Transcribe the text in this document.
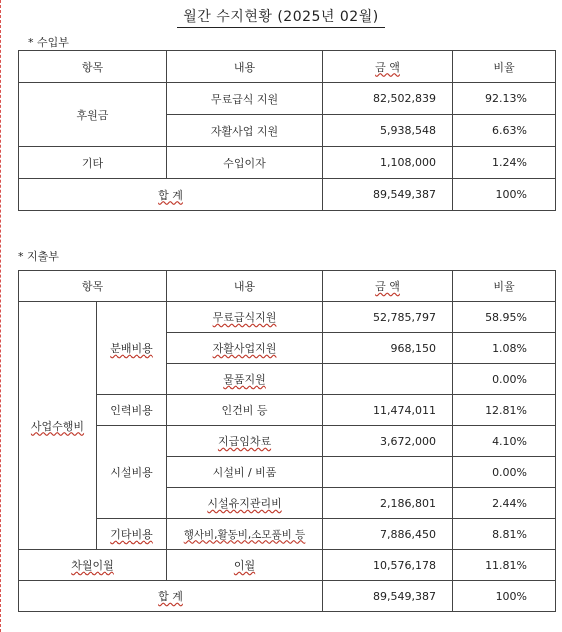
월간 수지현황 (2025년 02월)
* 수입부
항목	내용	금 액	비율
후원금	무료급식 지원	82,502,839	92.13%
	자활사업 지원	5,938,548	6.63%
기타	수입이자	1,108,000	1.24%
합 계		89,549,387	100%
* 지출부
항목		내용	금 액	비율
사업수행비	분배비용	무료급식지원	52,785,797	58.95%
		자활사업지원	968,150	1.08%
		물품지원		0.00%
	인력비용	인건비 등	11,474,011	12.81%
	시설비용	지급임차료	3,672,000	4.10%
		시설비 / 비품		0.00%
		시설유지관리비	2,186,801	2.44%
	기타비용	행사비,활동비,소모품비 등	7,886,450	8.81%
차월이월		이월	10,576,178	11.81%
합 계			89,549,387	100%
